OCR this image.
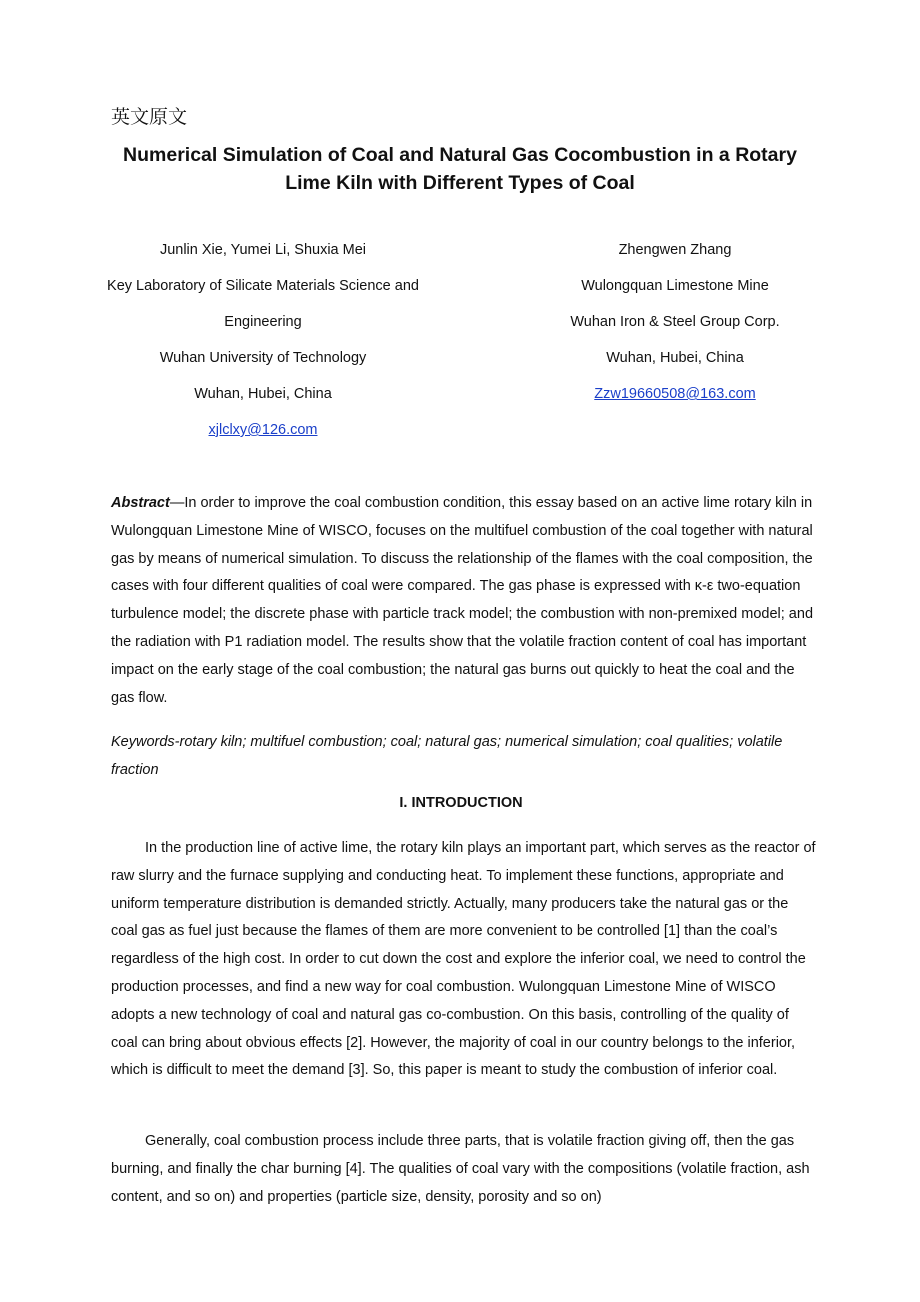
英文原文
Numerical Simulation of Coal and Natural Gas Cocombustion in a Rotary Lime Kiln with Different Types of Coal
Junlin Xie, Yumei Li, Shuxia Mei
Key Laboratory of Silicate Materials Science and
Engineering
Wuhan University of Technology
Wuhan, Hubei, China
xjlclxy@126.com
Zhengwen Zhang
Wulongquan Limestone Mine
Wuhan Iron & Steel Group Corp.
Wuhan, Hubei, China
Zzw19660508@163.com
Abstract—In order to improve the coal combustion condition, this essay based on an active lime rotary kiln in Wulongquan Limestone Mine of WISCO, focuses on the multifuel combustion of the coal together with natural gas by means of numerical simulation. To discuss the relationship of the flames with the coal composition, the cases with four different qualities of coal were compared. The gas phase is expressed with κ-ε two-equation turbulence model; the discrete phase with particle track model; the combustion with non-premixed model; and the radiation with P1 radiation model. The results show that the volatile fraction content of coal has important impact on the early stage of the coal combustion; the natural gas burns out quickly to heat the coal and the gas flow.
Keywords-rotary kiln; multifuel combustion; coal; natural gas; numerical simulation; coal qualities; volatile fraction
I. INTRODUCTION
In the production line of active lime, the rotary kiln plays an important part, which serves as the reactor of raw slurry and the furnace supplying and conducting heat. To implement these functions, appropriate and uniform temperature distribution is demanded strictly. Actually, many producers take the natural gas or the coal gas as fuel just because the flames of them are more convenient to be controlled [1] than the coal’s regardless of the high cost. In order to cut down the cost and explore the inferior coal, we need to control the production processes, and find a new way for coal combustion. Wulongquan Limestone Mine of WISCO adopts a new technology of coal and natural gas co-combustion. On this basis, controlling of the quality of coal can bring about obvious effects [2]. However, the majority of coal in our country belongs to the inferior, which is difficult to meet the demand [3]. So, this paper is meant to study the combustion of inferior coal.
Generally, coal combustion process include three parts, that is volatile fraction giving off, then the gas burning, and finally the char burning [4]. The qualities of coal vary with the compositions (volatile fraction, ash content, and so on) and properties (particle size, density, porosity and so on)
